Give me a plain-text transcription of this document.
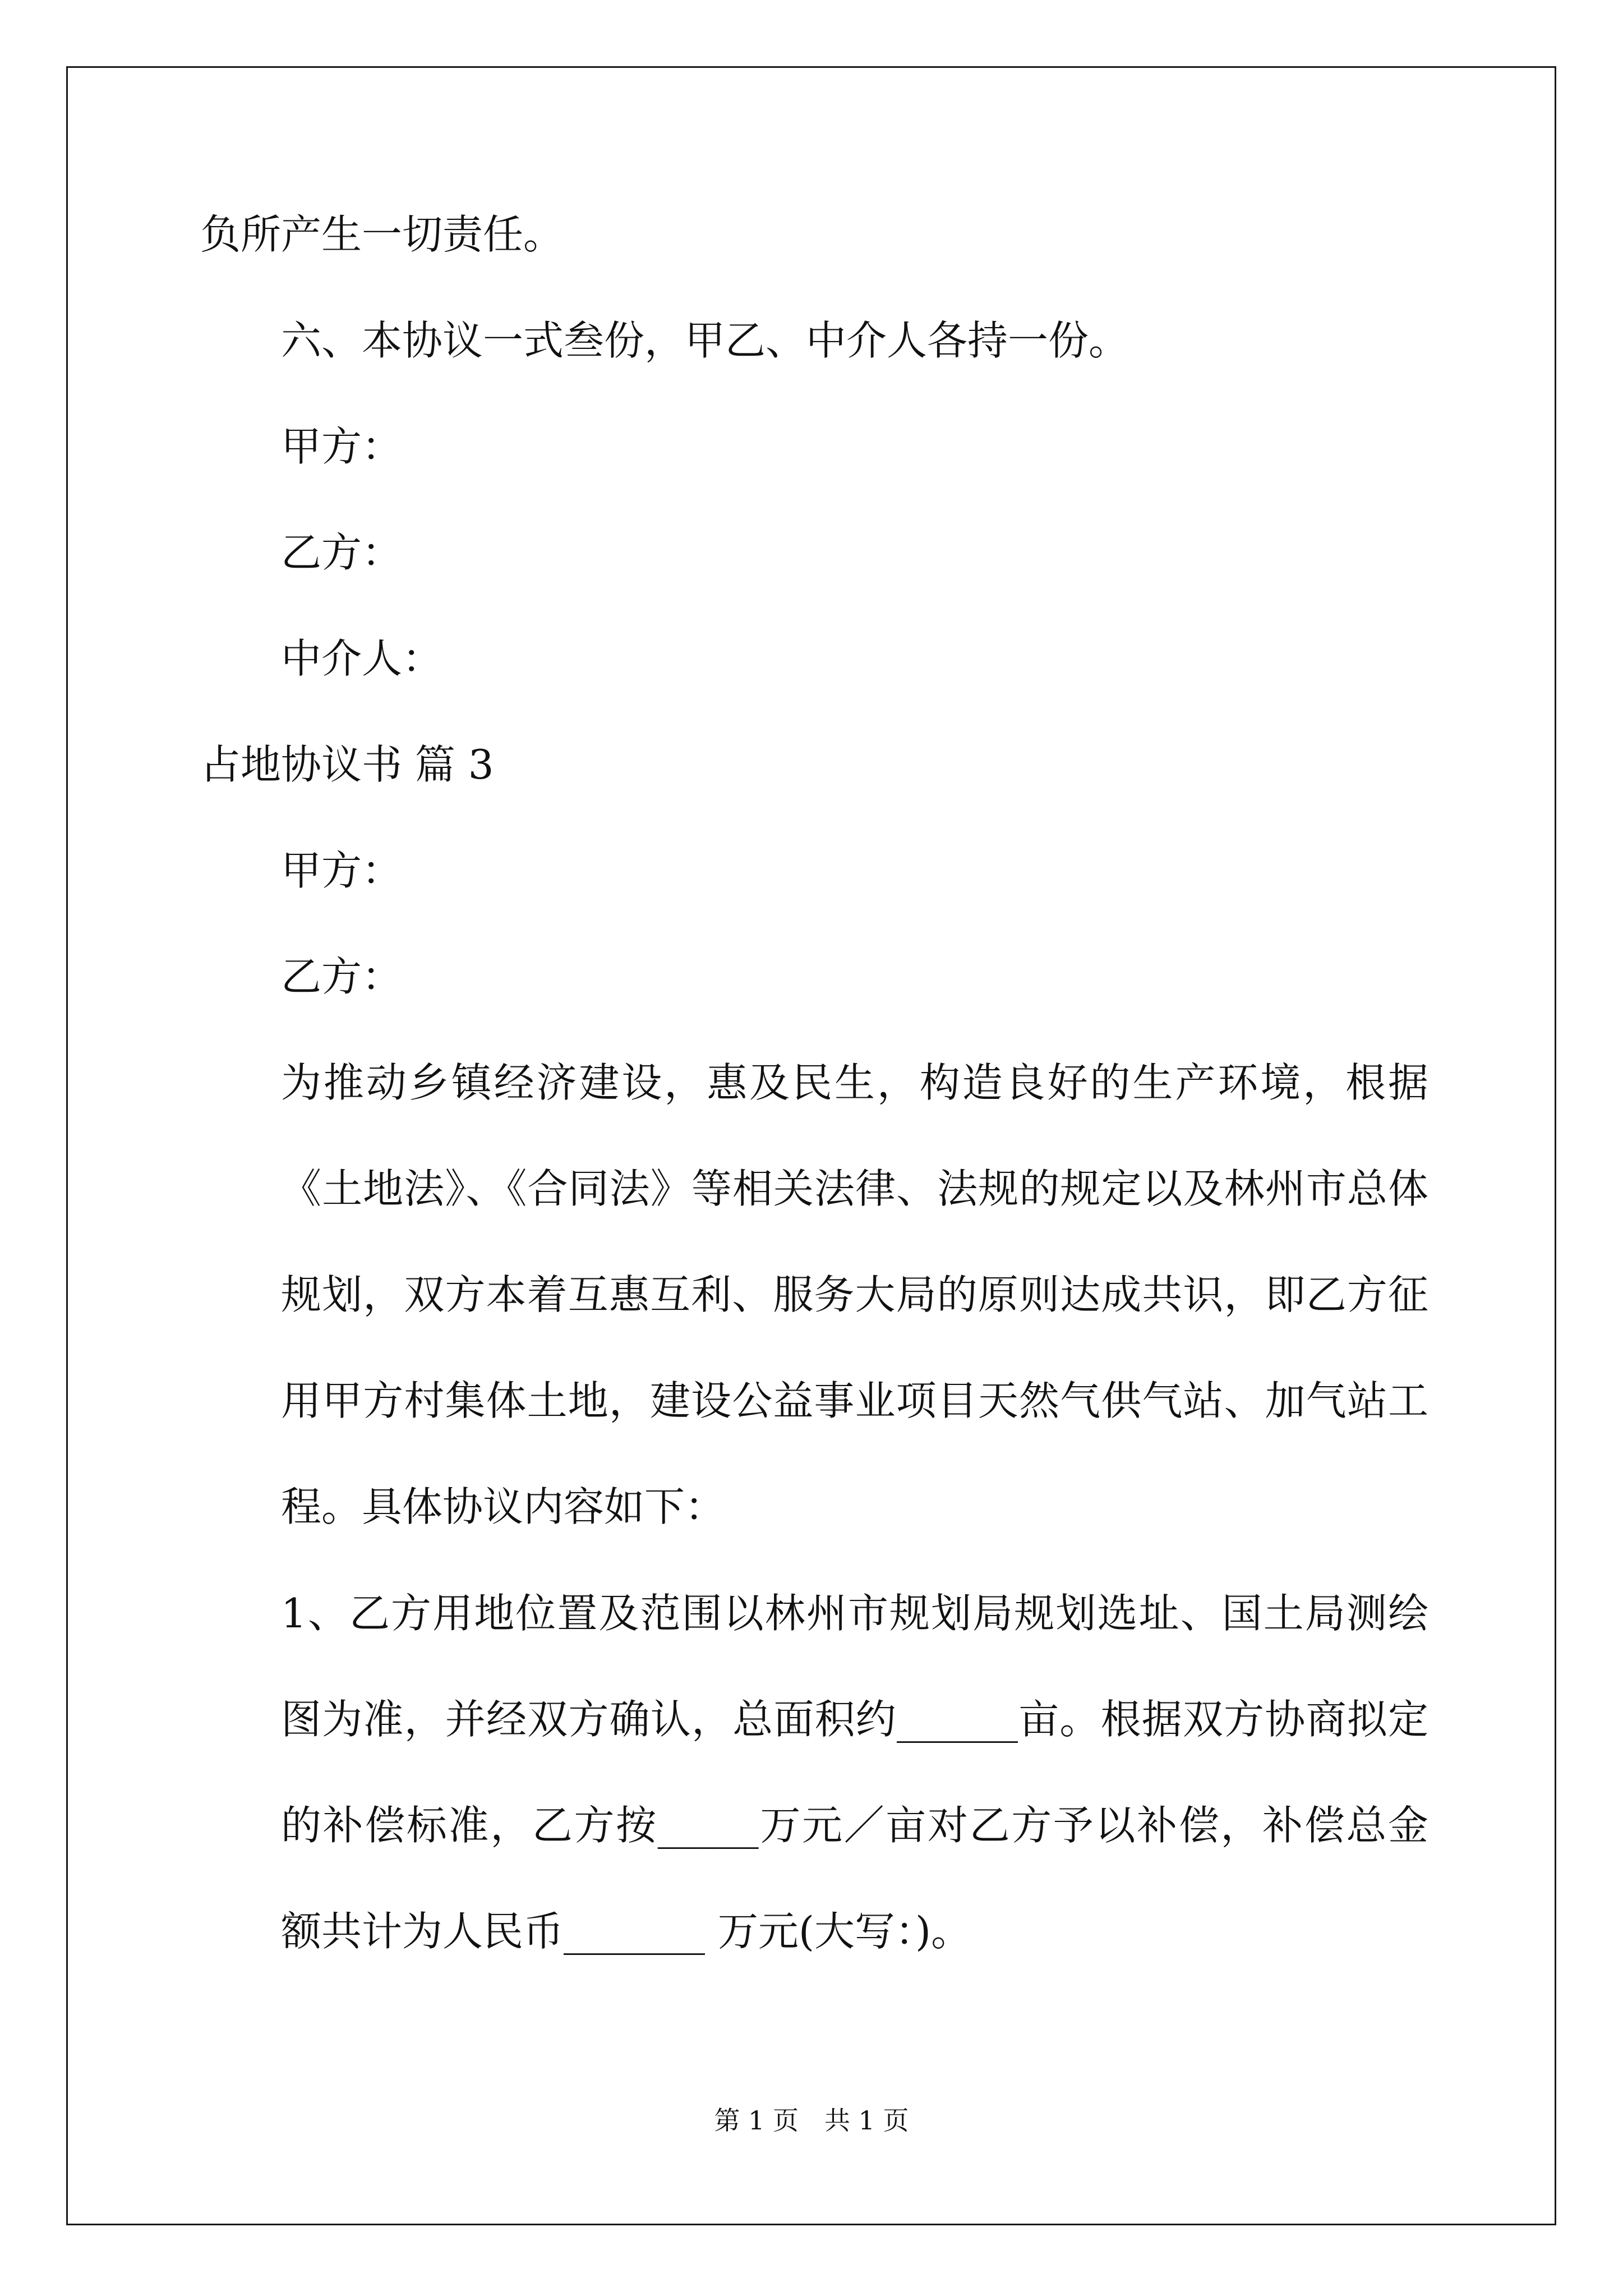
负所产生一切责任。
六、本协议一式叁份，甲乙、中介人各持一份。
甲方：
乙方：
中介人：
占地协议书 篇 3
甲方：
乙方：
为推动乡镇经济建设，惠及民生，构造良好的生产环境，根据《土地法》、《合同法》等相关法律、法规的规定以及林州市总体规划，双方本着互惠互利、服务大局的原则达成共识，即乙方征用甲方村集体土地，建设公益事业项目天然气供气站、加气站工程。具体协议内容如下：
1、乙方用地位置及范围以林州市规划局规划选址、国土局测绘图为准，并经双方确认，总面积约______亩。根据双方协商拟定的补偿标准，乙方按_____万元／亩对乙方予以补偿，补偿总金额共计为人民币_______ 万元(大写：)。
第 1 页　共 1 页
